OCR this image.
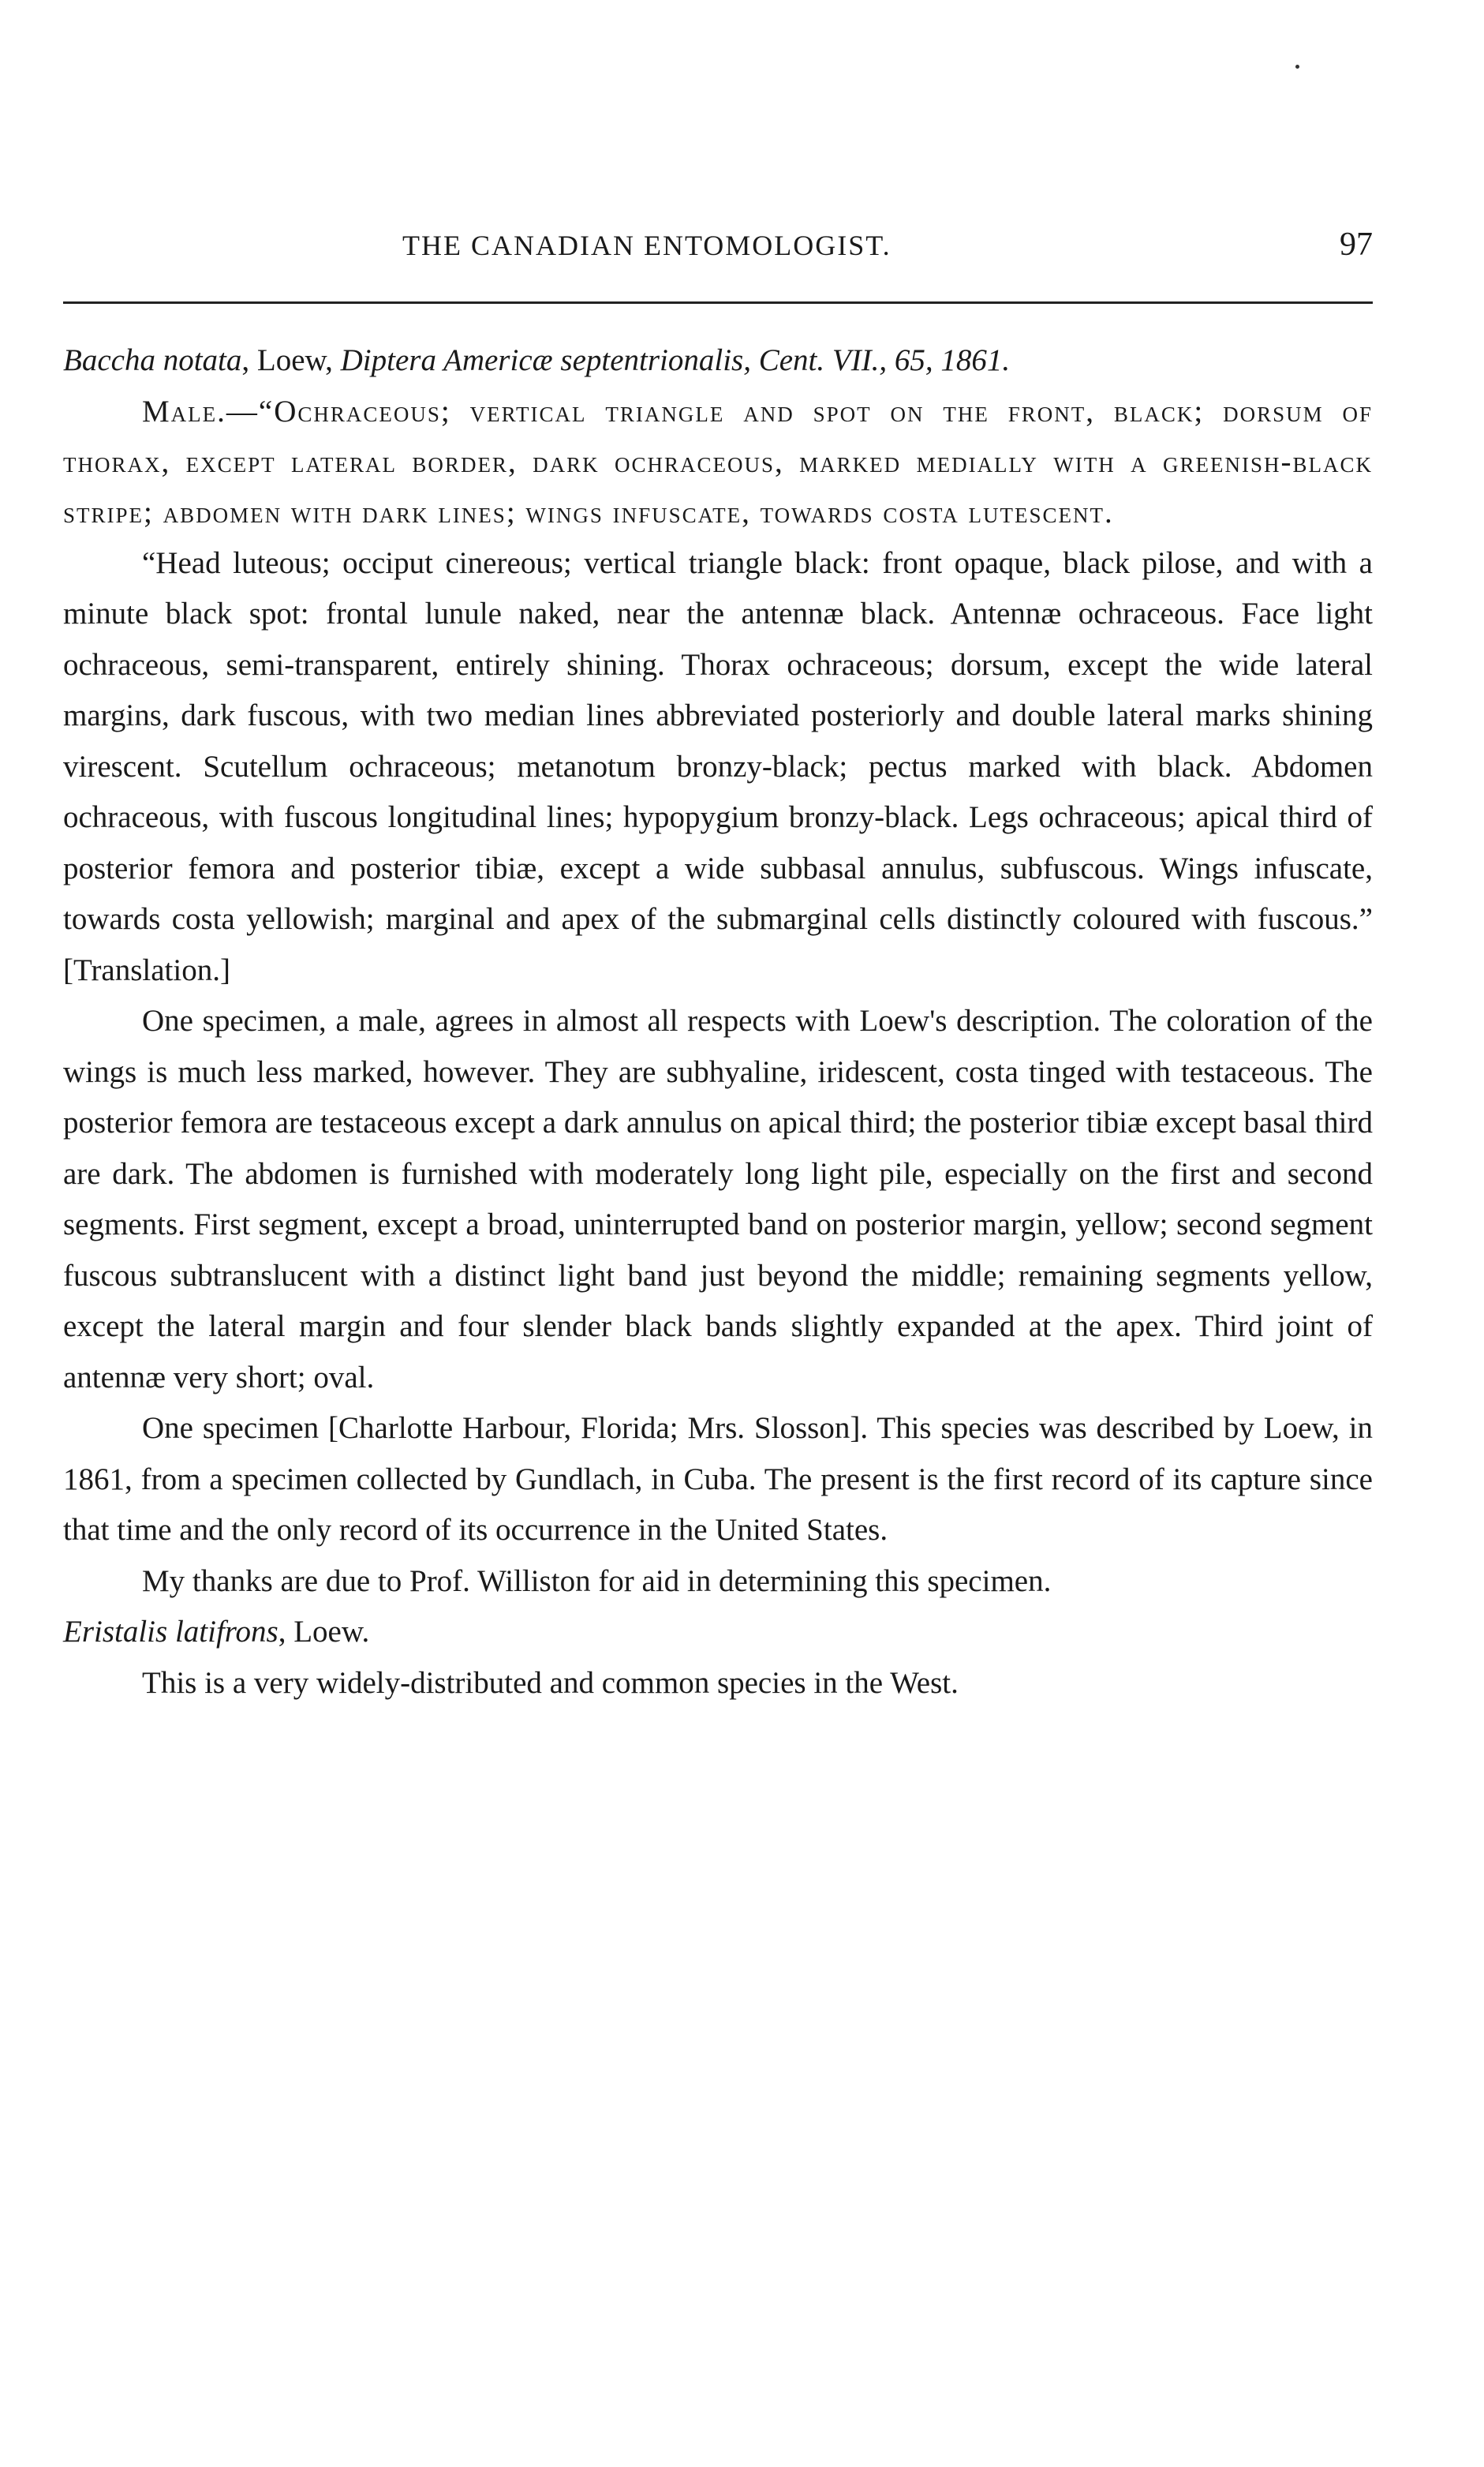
THE CANADIAN ENTOMOLOGIST.	97

Baccha notata, Loew, Diptera Americæ septentrionalis, Cent. VII., 65, 1861.

Male.—“Ochraceous; vertical triangle and spot on the front, black; dorsum of thorax, except lateral border, dark ochraceous, marked medially with a greenish-black stripe; abdomen with dark lines; wings infuscate, towards costa lutescent.

“Head luteous; occiput cinereous; vertical triangle black: front opaque, black pilose, and with a minute black spot: frontal lunule naked, near the antennæ black. Antennæ ochraceous. Face light ochraceous, semi-transparent, entirely shining. Thorax ochraceous; dorsum, except the wide lateral margins, dark fuscous, with two median lines abbreviated posteriorly and double lateral marks shining virescent. Scutellum ochraceous; metanotum bronzy-black; pectus marked with black. Abdomen ochraceous, with fuscous longitudinal lines; hypopygium bronzy-black. Legs ochraceous; apical third of posterior femora and posterior tibiæ, except a wide subbasal annulus, subfuscous. Wings infuscate, towards costa yellowish; marginal and apex of the submarginal cells distinctly coloured with fuscous.” [Translation.]

One specimen, a male, agrees in almost all respects with Loew's description. The coloration of the wings is much less marked, however. They are subhyaline, iridescent, costa tinged with testaceous. The posterior femora are testaceous except a dark annulus on apical third; the posterior tibiæ except basal third are dark. The abdomen is furnished with moderately long light pile, especially on the first and second segments. First segment, except a broad, uninterrupted band on posterior margin, yellow; second segment fuscous subtranslucent with a distinct light band just beyond the middle; remaining segments yellow, except the lateral margin and four slender black bands slightly expanded at the apex. Third joint of antennæ very short; oval.

One specimen [Charlotte Harbour, Florida; Mrs. Slosson]. This species was described by Loew, in 1861, from a specimen collected by Gundlach, in Cuba. The present is the first record of its capture since that time and the only record of its occurrence in the United States.

My thanks are due to Prof. Williston for aid in determining this specimen.

Eristalis latifrons, Loew.

This is a very widely-distributed and common species in the West.
